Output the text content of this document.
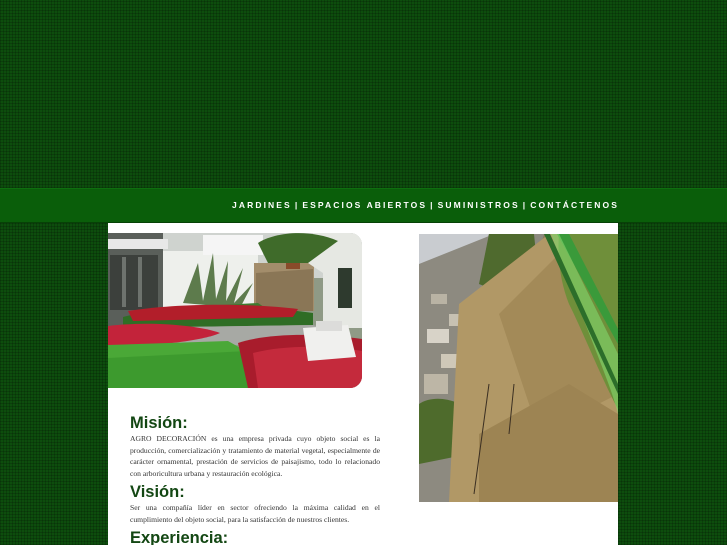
JARDINES | ESPACIOS ABIERTOS | SUMINISTROS | CONTÁCTENOS
Misión:

AGRO DECORACIÓN es una empresa privada cuyo objeto social es la producción, comercialización y tratamiento de material vegetal, especialmente de carácter ornamental, prestación de servicios de paisajismo, todo lo relacionado con arboricultura urbana y restauración ecológica.

Visión:

Ser una compañía líder en sector ofreciendo la máxima calidad en el cumplimiento del objeto social, para la satisfacción de nuestros clientes.

Experiencia:
